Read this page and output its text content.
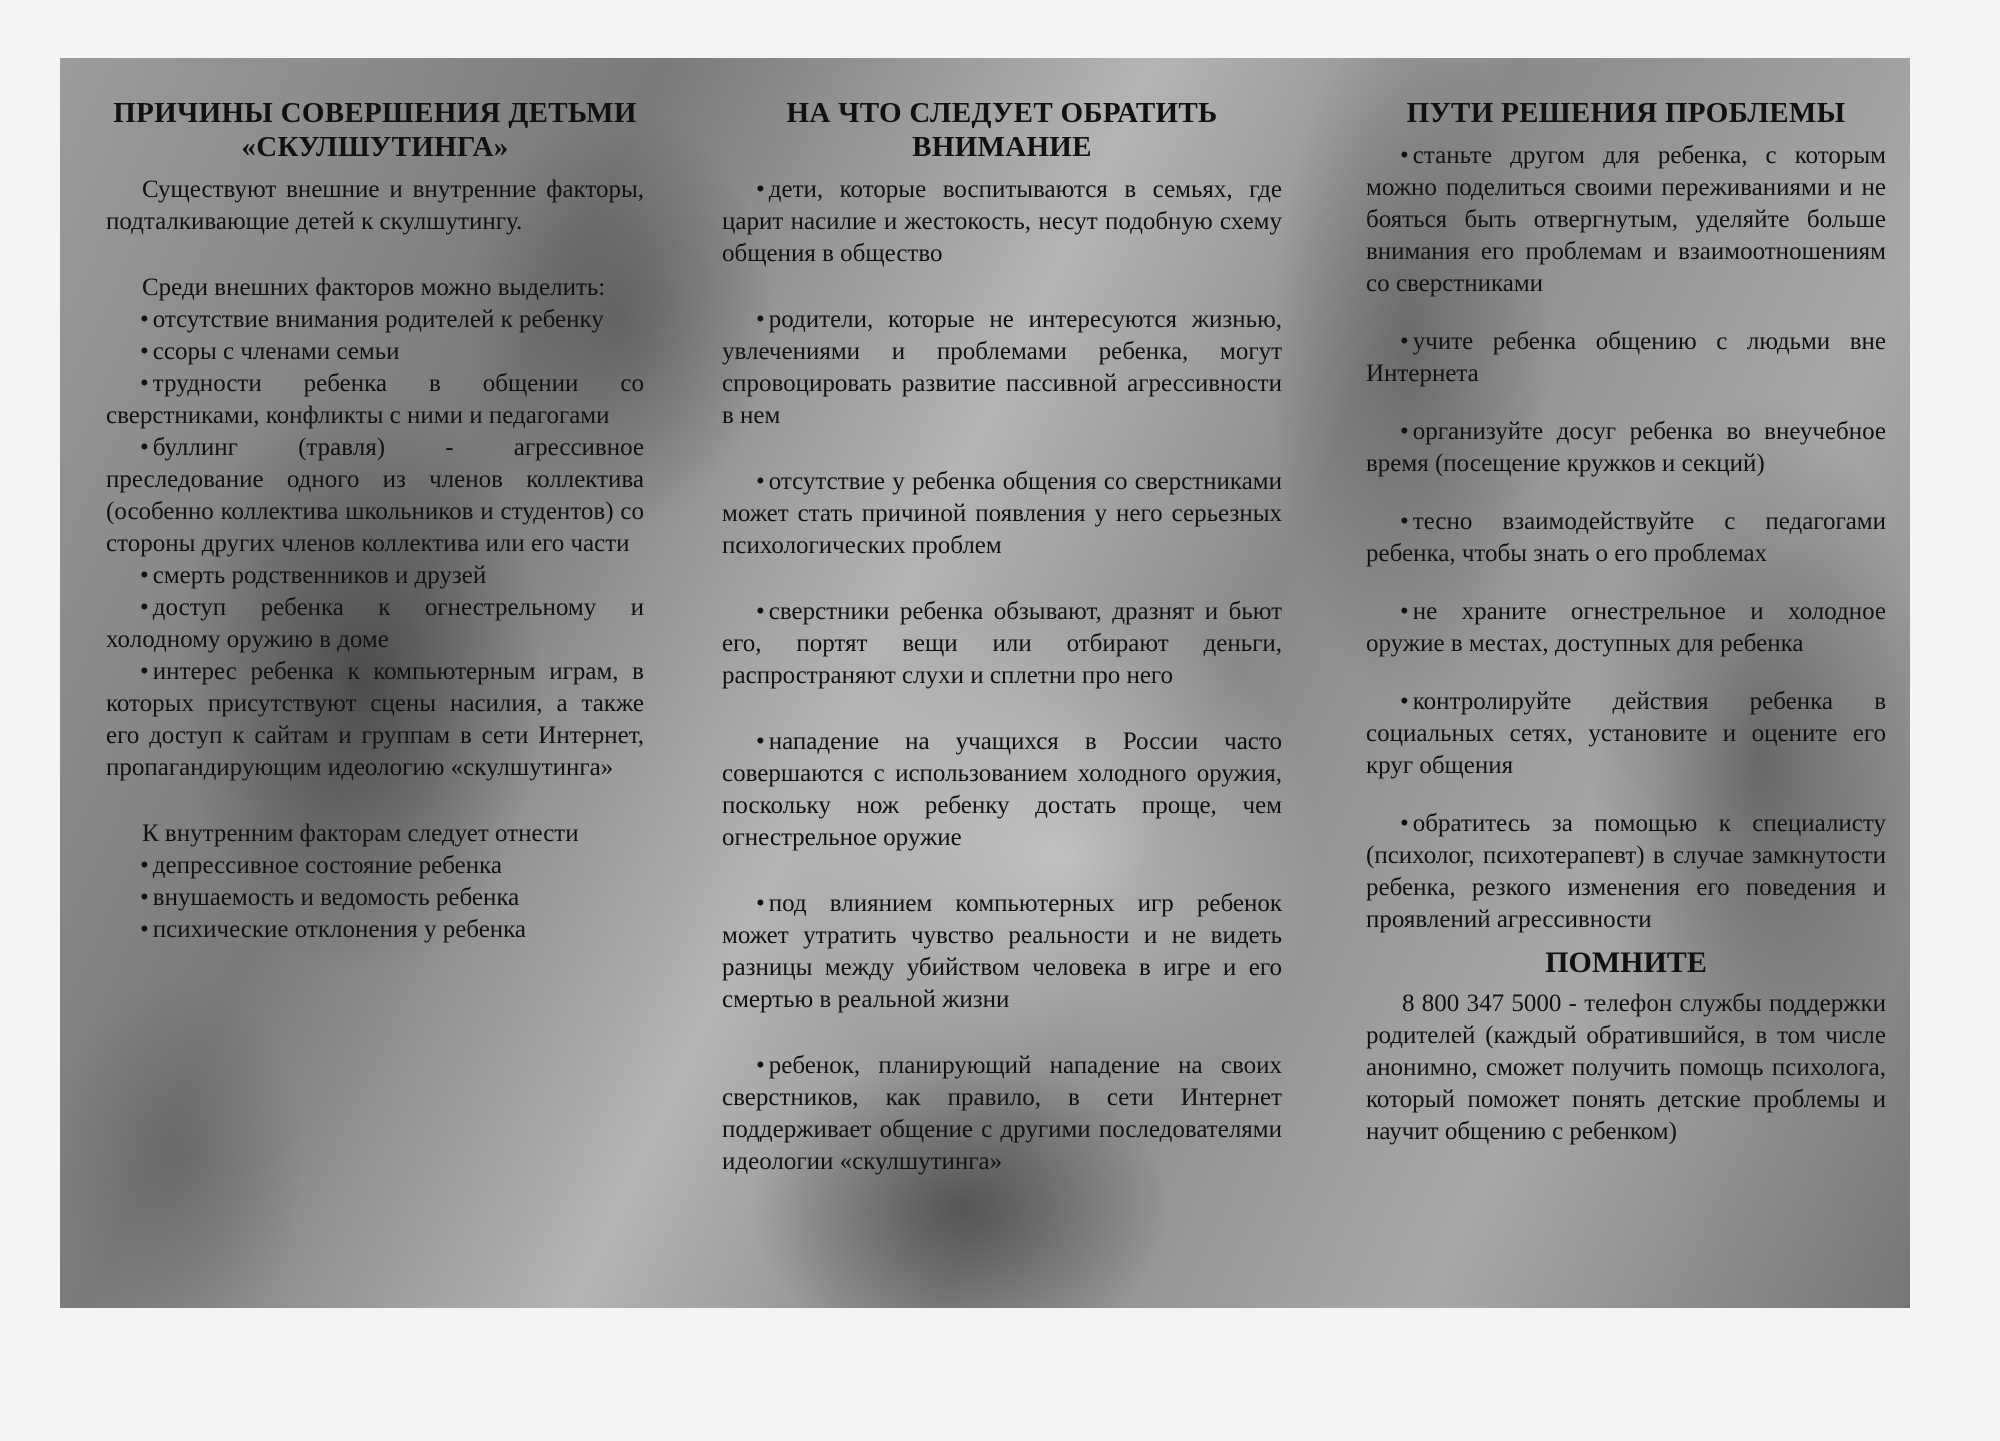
ПРИЧИНЫ СОВЕРШЕНИЯ ДЕТЬМИ «СКУЛШУТИНГА»

Существуют внешние и внутренние факторы, подталкивающие детей к скулшутингу.

Среди внешних факторов можно выделить:

• отсутствие внимания родителей к ребенку

• ссоры с членами семьи

• трудности ребенка в общении со сверстниками, конфликты с ними и педагогами

• буллинг (травля) - агрессивное преследование одного из членов коллектива (особенно коллектива школьников и студентов) со стороны других членов коллектива или его части

• смерть родственников и друзей

• доступ ребенка к огнестрельному и холодному оружию в доме

• интерес ребенка к компьютерным играм, в которых присутствуют сцены насилия, а также его доступ к сайтам и группам в сети Интернет, пропагандирующим идеологию «скулшутинга»

К внутренним факторам следует отнести

• депрессивное состояние ребенка

• внушаемость и ведомость ребенка

• психические отклонения у ребенка

НА ЧТО СЛЕДУЕТ ОБРАТИТЬ ВНИМАНИЕ

• дети, которые воспитываются в семьях, где царит насилие и жестокость, несут подобную схему общения в общество

• родители, которые не интересуются жизнью, увлечениями и проблемами ребенка, могут спровоцировать развитие пассивной агрессивности в нем

• отсутствие у ребенка общения со сверстниками может стать причиной появления у него серьезных психологических проблем

• сверстники ребенка обзывают, дразнят и бьют его, портят вещи или отбирают деньги, распространяют слухи и сплетни про него

• нападение на учащихся в России часто совершаются с использованием холодного оружия, поскольку нож ребенку достать проще, чем огнестрельное оружие

• под влиянием компьютерных игр ребенок может утратить чувство реальности и не видеть разницы между убийством человека в игре и его смертью в реальной жизни

• ребенок, планирующий нападение на своих сверстников, как правило, в сети Интернет поддерживает общение с другими последователями идеологии «скулшутинга»

ПУТИ РЕШЕНИЯ ПРОБЛЕМЫ

• станьте другом для ребенка, с которым можно поделиться своими переживаниями и не бояться быть отвергнутым, уделяйте больше внимания его проблемам и взаимоотношениям со сверстниками

• учите ребенка общению с людьми вне Интернета

• организуйте досуг ребенка во внеучебное время (посещение кружков и секций)

• тесно взаимодействуйте с педагогами ребенка, чтобы знать о его проблемах

• не храните огнестрельное и холодное оружие в местах, доступных для ребенка

• контролируйте действия ребенка в социальных сетях, установите и оцените его круг общения

• обратитесь за помощью к специалисту (психолог, психотерапевт) в случае замкнутости ребенка, резкого изменения его поведения и проявлений агрессивности

ПОМНИТЕ

8 800 347 5000 - телефон службы поддержки родителей (каждый обратившийся, в том числе анонимно, сможет получить помощь психолога, который поможет понять детские проблемы и научит общению с ребенком)
